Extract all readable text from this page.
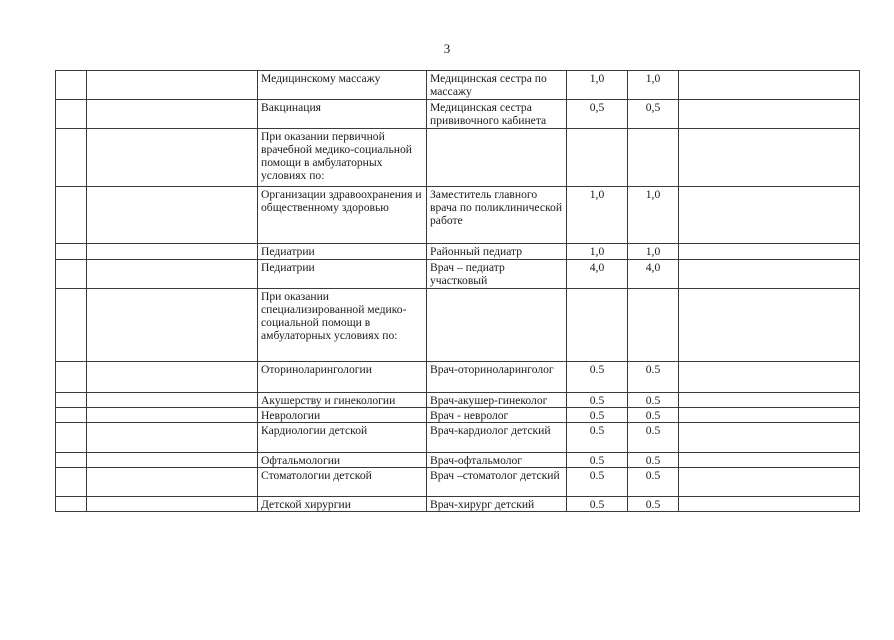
3
		Медицинскому массажу	Медицинская сестра по массажу	1,0	1,0	
		Вакцинация	Медицинская сестра прививочного кабинета	0,5	0,5	
		При оказании первичной врачебной медико-социальной помощи в амбулаторных условиях по:				
		Организации здравоохранения и общественному здоровью	Заместитель главного врача по поликлинической работе	1,0	1,0	
		Педиатрии	Районный педиатр	1,0	1,0	
		Педиатрии	Врач – педиатр участковый	4,0	4,0	
		При оказании специализированной медико-социальной помощи в амбулаторных условиях по:				
		Оториноларингологии	Врач-оториноларинголог	0.5	0.5	
		Акушерству и гинекологии	Врач-акушер-гинеколог	0.5	0.5	
		Неврологии	Врач - невролог	0.5	0.5	
		Кардиологии детской	Врач-кардиолог детский	0.5	0.5	
		Офтальмологии	Врач-офтальмолог	0.5	0.5	
		Стоматологии детской	Врач –стоматолог детский	0.5	0.5	
		Детской хирургии	Врач-хирург детский	0.5	0.5	
